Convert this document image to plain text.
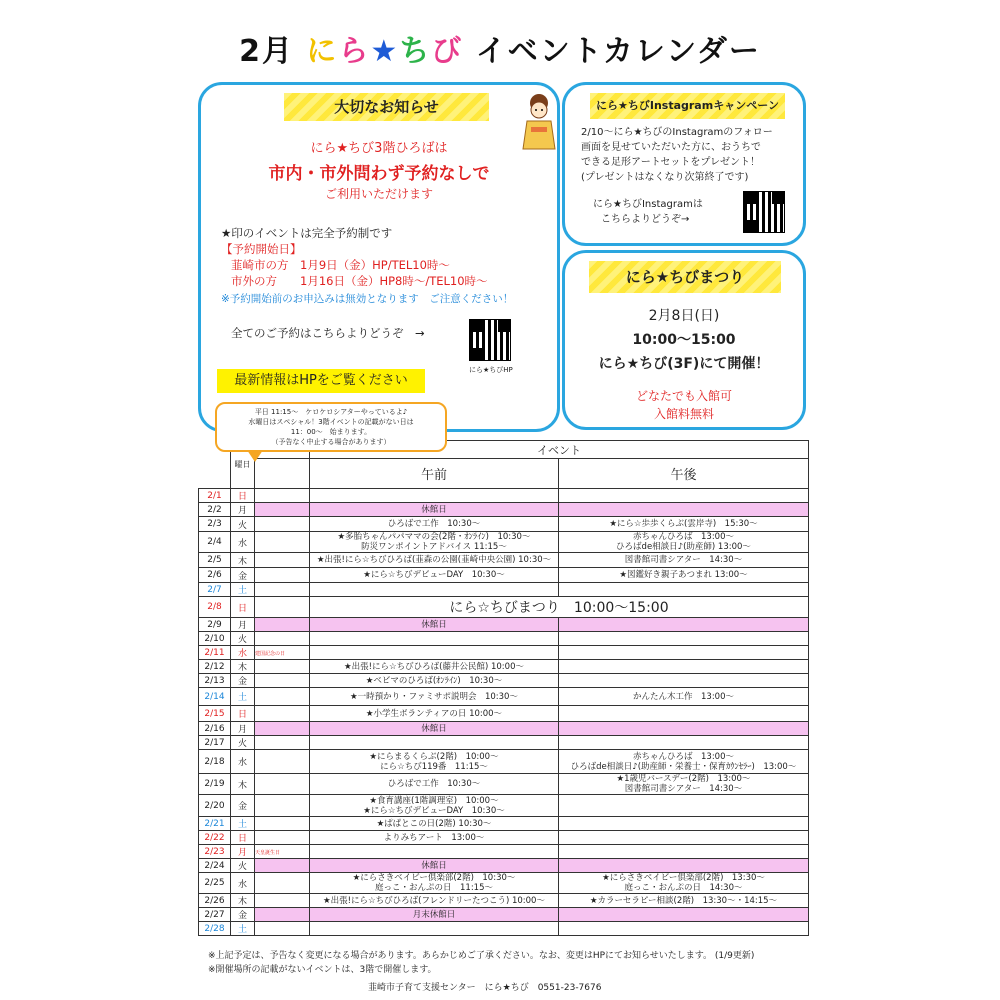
2月 にら★ちび イベントカレンダー
大切なお知らせ
にら★ちび3階ひろばは
市内・市外問わず予約なしで
ご利用いただけます
★印のイベントは完全予約制です
【予約開始日】
韮崎市の方　1月9日（金）HP/TEL10時～
市外の方　　1月16日（金）HP8時～/TEL10時～
※予約開始前のお申込みは無効となります　ご注意ください！
全てのご予約はこちらよりどうぞ　→
にら★ちびHP
最新情報はHPをご覧ください
にら★ちびInstagramキャンペーン
2/10～にら★ちびのInstagramのフォロー
画面を見せていただいた方に、おうちで
できる足形アートセットをプレゼント！
(プレゼントはなくなり次第終了です)
にら★ちびInstagramは
こちらよりどうぞ→
にら★ちびまつり
2月8日(日)
10:00～15:00
にら★ちび(3F)にて開催！
どなたでも入館可
入館料無料
	曜日		イベント	
			午前	午後
2/1	日			
2/2	月		休館日	
2/3	火		ひろばで工作　10:30～	★にら☆歩歩くらぶ(雲岸寺)　15:30～
2/4	水		★多胎ちゃんパパママの会(2階・ｵﾝﾗｲﾝ)　10:30～
防災ワンポイントアドバイス 11:15～	赤ちゃんひろば　13:00～
ひろばde相談日♪(助産師) 13:00～
2/5	木		★出張!にら☆ちびひろば(韮森の公園(韮崎中央公園) 10:30～	図書館司書シアター　14:30～
2/6	金		★にら☆ちびデビューDAY　10:30～	★図鑑好き親子あつまれ 13:00～
2/7	土			
2/8	日		にら☆ちびまつり　10:00～15:00	
2/9	月		休館日	
2/10	火			
2/11	水	建国記念の日		
2/12	木		★出張!にら☆ちびひろば(藤井公民館) 10:00～	
2/13	金		★ベビマのひろば(ｵﾝﾗｲﾝ)　10:30～	
2/14	土		★一時預かり・ファミサポ説明会　10:30～	かんたん木工作　13:00～
2/15	日		★小学生ボランティアの日 10:00～	
2/16	月		休館日	
2/17	火			
2/18	水		★にらまるくらぶ(2階)　10:00～
にら☆ちび119番　11:15～	赤ちゃんひろば　13:00～
ひろばde相談日♪(助産師・栄養士・保育ｶｳﾝｾﾗｰ)　13:00～
2/19	木		ひろばで工作　10:30～	★1歳児バースデー(2階)　13:00～
図書館司書シアター　14:30～
2/20	金		★食育講座(1階調理室)　10:00～
★にら☆ちびデビューDAY　10:30～	
2/21	土		★ぱぱとこの日(2階) 10:30～	
2/22	日		よりみちアート　13:00～	
2/23	月	天皇誕生日		
2/24	火		休館日	
2/25	水		★にらさきベイビー倶楽部(2階)　10:30～
庭っこ・おんぷの日　11:15～	★にらさきベイビー倶楽部(2階)　13:30～
庭っこ・おんぷの日　14:30～
2/26	木		★出張!にら☆ちびひろば(フレンドリーたつこう) 10:00～	★カラーセラピー相談(2階)　13:30～・14:15～
2/27	金		月末休館日	
2/28	土			
平日 11:15～　ケロケロシアターやっているよ♪
水曜日はスペシャル！3階イベントの記載がない日は
11：00～　始まります。
（予告なく中止する場合があります）
※上記予定は、予告なく変更になる場合があります。あらかじめご了承ください。なお、変更はHPにてお知らせいたします。 (1/9更新)
※開催場所の記載がないイベントは、3階で開催します。
韮崎市子育て支援センター　にら★ちび　0551-23-7676
